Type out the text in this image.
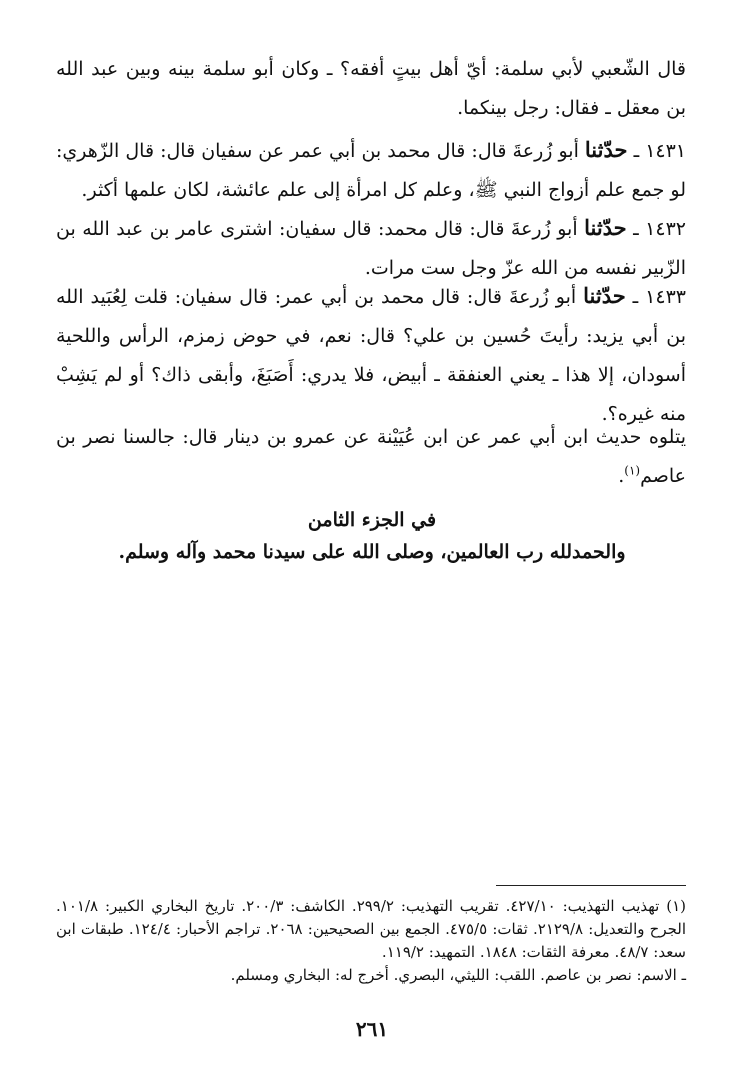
قال الشّعبي لأبي سلمة: أيّ أهل بيتٍ أفقه؟ ـ وكان أبو سلمة بينه وبين عبد الله بن معقل ـ فقال: رجل بينكما.
١٤٣١ ـ حدّثنا أبو زُرعةَ قال: قال محمد بن أبي عمر عن سفيان قال: قال الزّهري: لو جمع علم أزواج النبي ﷺ، وعلم كل امرأة إلى علم عائشة، لكان علمها أكثر.
١٤٣٢ ـ حدّثنا أبو زُرعةَ قال: قال محمد: قال سفيان: اشترى عامر بن عبد الله بن الزّبير نفسه من الله عزّ وجل ست مرات.
١٤٣٣ ـ حدّثنا أبو زُرعةَ قال: قال محمد بن أبي عمر: قال سفيان: قلت لِعُبَيد الله بن أبي يزيد: رأيتَ حُسين بن علي؟ قال: نعم، في حوض زمزم، الرأس واللحية أسودان، إلا هذا ـ يعني العنفقة ـ أبيض، فلا يدري: أَصَبَغَ، وأبقى ذاك؟ أو لم يَشِبْ منه غيره؟.
يتلوه حديث ابن أبي عمر عن ابن عُيَيْنة عن عمرو بن دينار قال: جالسنا نصر بن عاصم$^{(١)}$.
في الجزء الثامن
والحمدلله رب العالمين، وصلى الله على سيدنا محمد وآله وسلم.
(١) تهذيب التهذيب: ٤٢٧/١٠. تقريب التهذيب: ٢٩٩/٢. الكاشف: ٢٠٠/٣. تاريخ البخاري الكبير: ١٠١/٨. الجرح والتعديل: ٢١٢٩/٨. ثقات: ٤٧٥/٥. الجمع بين الصحيحين: ٢٠٦٨. تراجم الأحبار: ١٢٤/٤. طبقات ابن سعد: ٤٨/٧. معرفة الثقات: ١٨٤٨. التمهيد: ١١٩/٢.
ـ الاسم: نصر بن عاصم. اللقب: الليثي، البصري. أخرج له: البخاري ومسلم.
٢٦١
